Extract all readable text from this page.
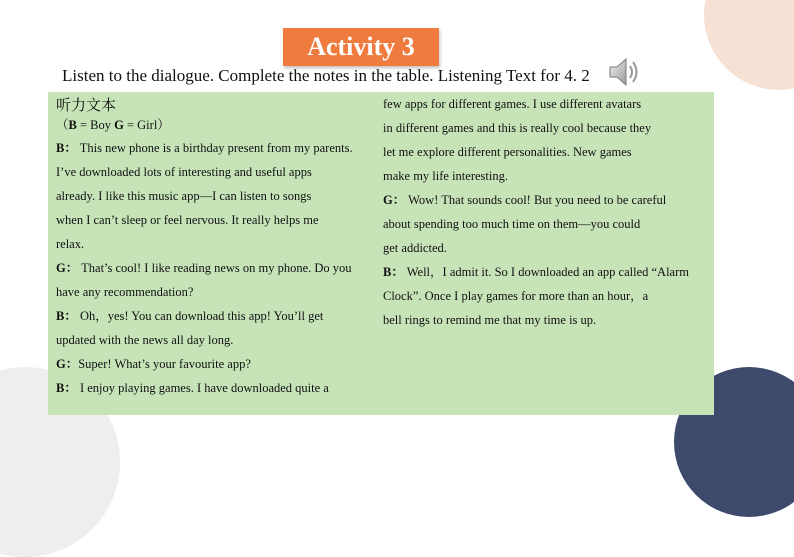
Activity 3
Listen to the dialogue. Complete the notes in the table. Listening Text for 4. 2
听力文本
（B = Boy G = Girl）
B： This new phone is a birthday present from my parents.
I’ve downloaded lots of interesting and useful apps
already. I like this music app—I can listen to songs
when I can’t sleep or feel nervous. It really helps me
relax.
G： That’s cool! I like reading news on my phone. Do you
have any recommendation?
B： Oh，yes! You can download this app! You’ll get
updated with the news all day long.
G：Super! What’s your favourite app?
B： I enjoy playing games. I have downloaded quite a
few apps for different games. I use different avatars
in different games and this is really cool because they
let me explore different personalities. New games
make my life interesting.
G： Wow! That sounds cool! But you need to be careful
about spending too much time on them—you could
get addicted.
B： Well，I admit it. So I downloaded an app called “Alarm
Clock”. Once I play games for more than an hour，a
bell rings to remind me that my time is up.
